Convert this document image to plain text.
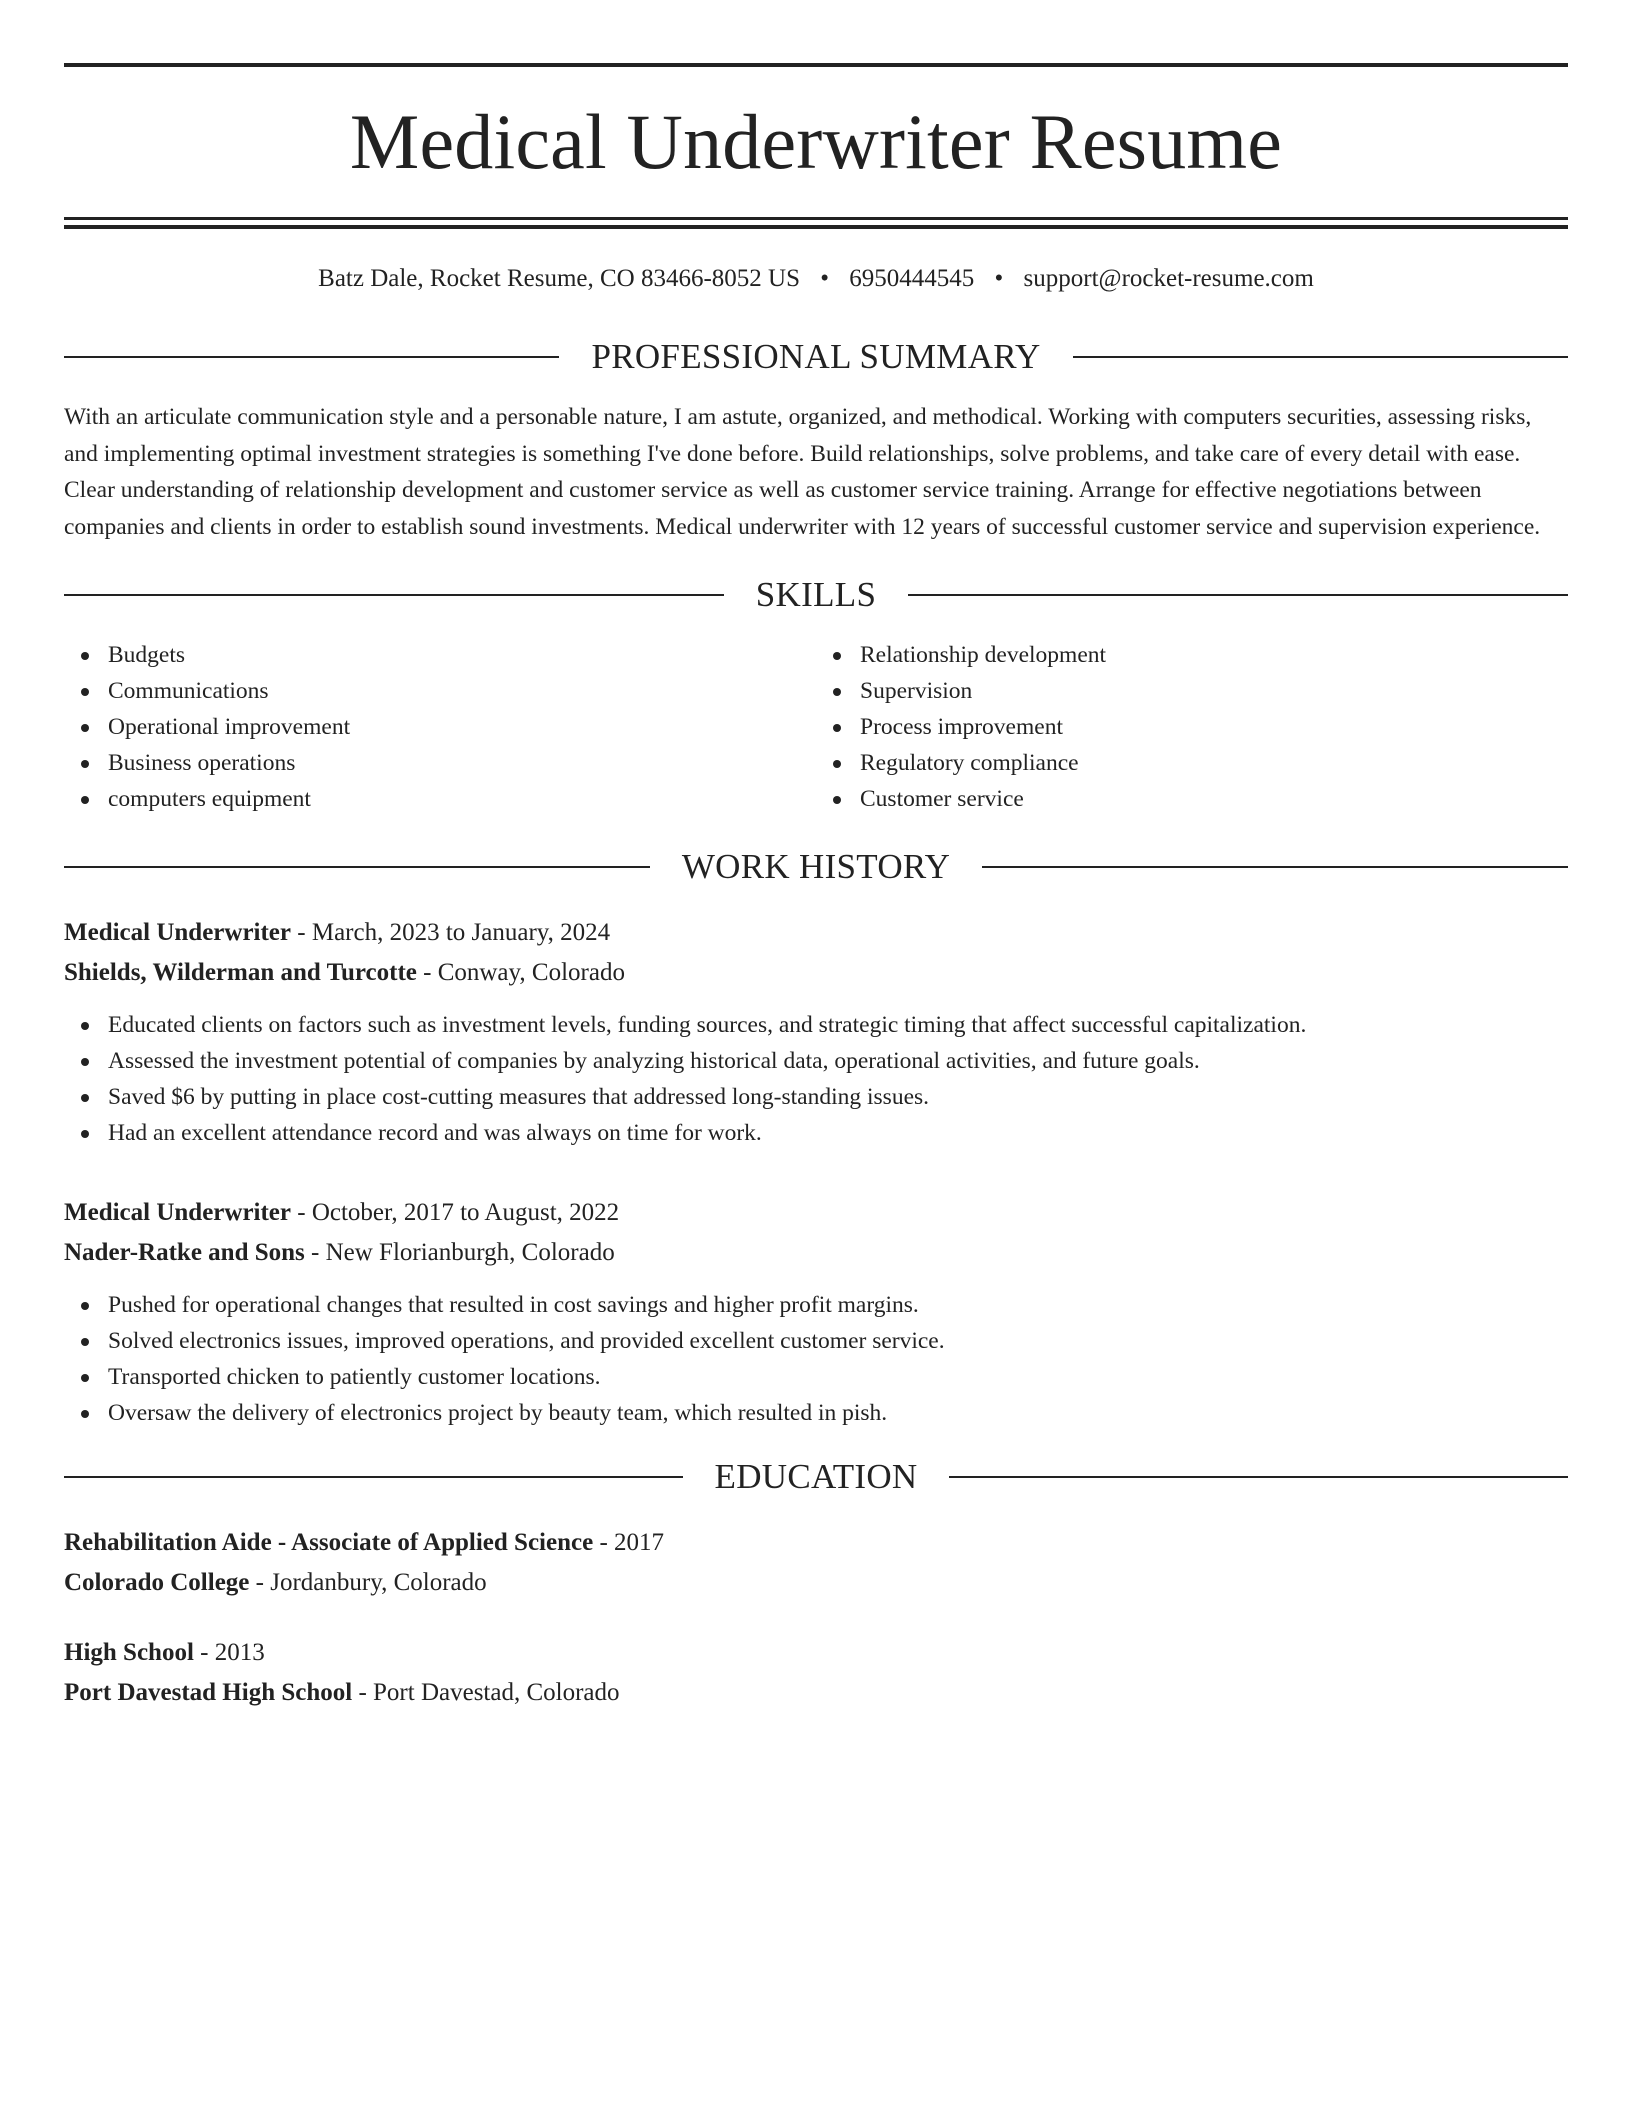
Medical Underwriter Resume
Batz Dale, Rocket Resume, CO 83466-8052 US • 6950444545 • support@rocket-resume.com
PROFESSIONAL SUMMARY

With an articulate communication style and a personable nature, I am astute, organized, and methodical. Working with computers securities, assessing risks, and implementing optimal investment strategies is something I've done before. Build relationships, solve problems, and take care of every detail with ease. Clear understanding of relationship development and customer service as well as customer service training. Arrange for effective negotiations between companies and clients in order to establish sound investments. Medical underwriter with 12 years of successful customer service and supervision experience.

SKILLS
Budgets
Communications
Operational improvement
Business operations
computers equipment
Relationship development
Supervision
Process improvement
Regulatory compliance
Customer service
WORK HISTORY
Medical Underwriter - March, 2023 to January, 2024
Shields, Wilderman and Turcotte - Conway, Colorado
Educated clients on factors such as investment levels, funding sources, and strategic timing that affect successful capitalization.
Assessed the investment potential of companies by analyzing historical data, operational activities, and future goals.
Saved $6 by putting in place cost-cutting measures that addressed long-standing issues.
Had an excellent attendance record and was always on time for work.
Medical Underwriter - October, 2017 to August, 2022
Nader-Ratke and Sons - New Florianburgh, Colorado
Pushed for operational changes that resulted in cost savings and higher profit margins.
Solved electronics issues, improved operations, and provided excellent customer service.
Transported chicken to patiently customer locations.
Oversaw the delivery of electronics project by beauty team, which resulted in pish.
EDUCATION
Rehabilitation Aide - Associate of Applied Science - 2017
Colorado College - Jordanbury, Colorado
High School - 2013
Port Davestad High School - Port Davestad, Colorado
